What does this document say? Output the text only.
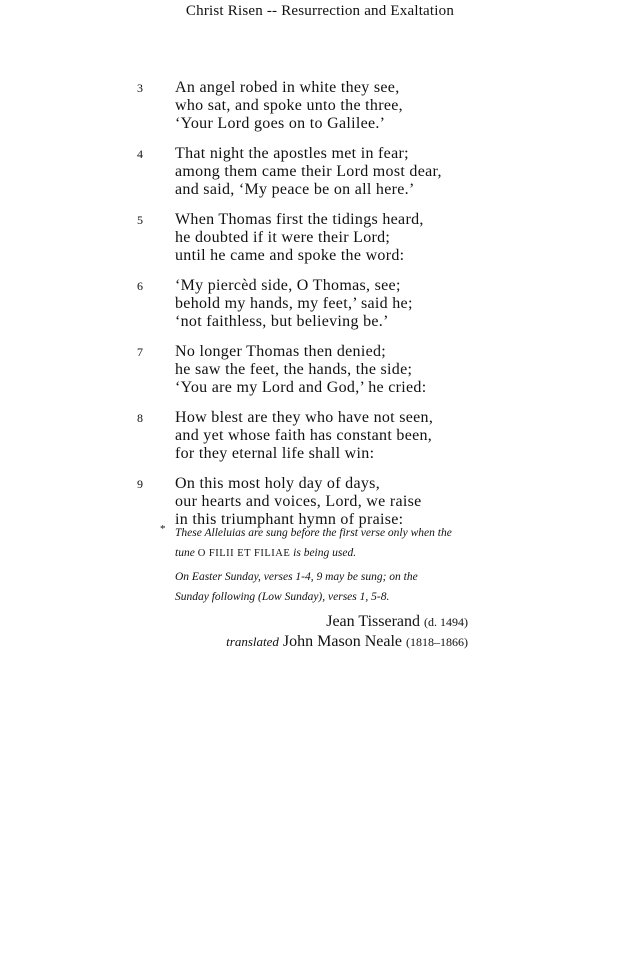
Christ Risen -- Resurrection and Exaltation
3	An angel robed in white they see,
who sat, and spoke unto the three,
‘Your Lord goes on to Galilee.’
4	That night the apostles met in fear;
among them came their Lord most dear,
and said, ‘My peace be on all here.’
5	When Thomas first the tidings heard,
he doubted if it were their Lord;
until he came and spoke the word:
6	‘My piercèd side, O Thomas, see;
behold my hands, my feet,’ said he;
‘not faithless, but believing be.’
7	No longer Thomas then denied;
he saw the feet, the hands, the side;
‘You are my Lord and God,’ he cried:
8	How blest are they who have not seen,
and yet whose faith has constant been,
for they eternal life shall win:
9	On this most holy day of days,
our hearts and voices, Lord, we raise
in this triumphant hymn of praise:
* These Alleluias are sung before the first verse only when the
tune O FILII ET FILIAE is being used.
On Easter Sunday, verses 1-4, 9 may be sung; on the
Sunday following (Low Sunday), verses 1, 5-8.
Jean Tisserand (d. 1494)
translated John Mason Neale (1818–1866)
